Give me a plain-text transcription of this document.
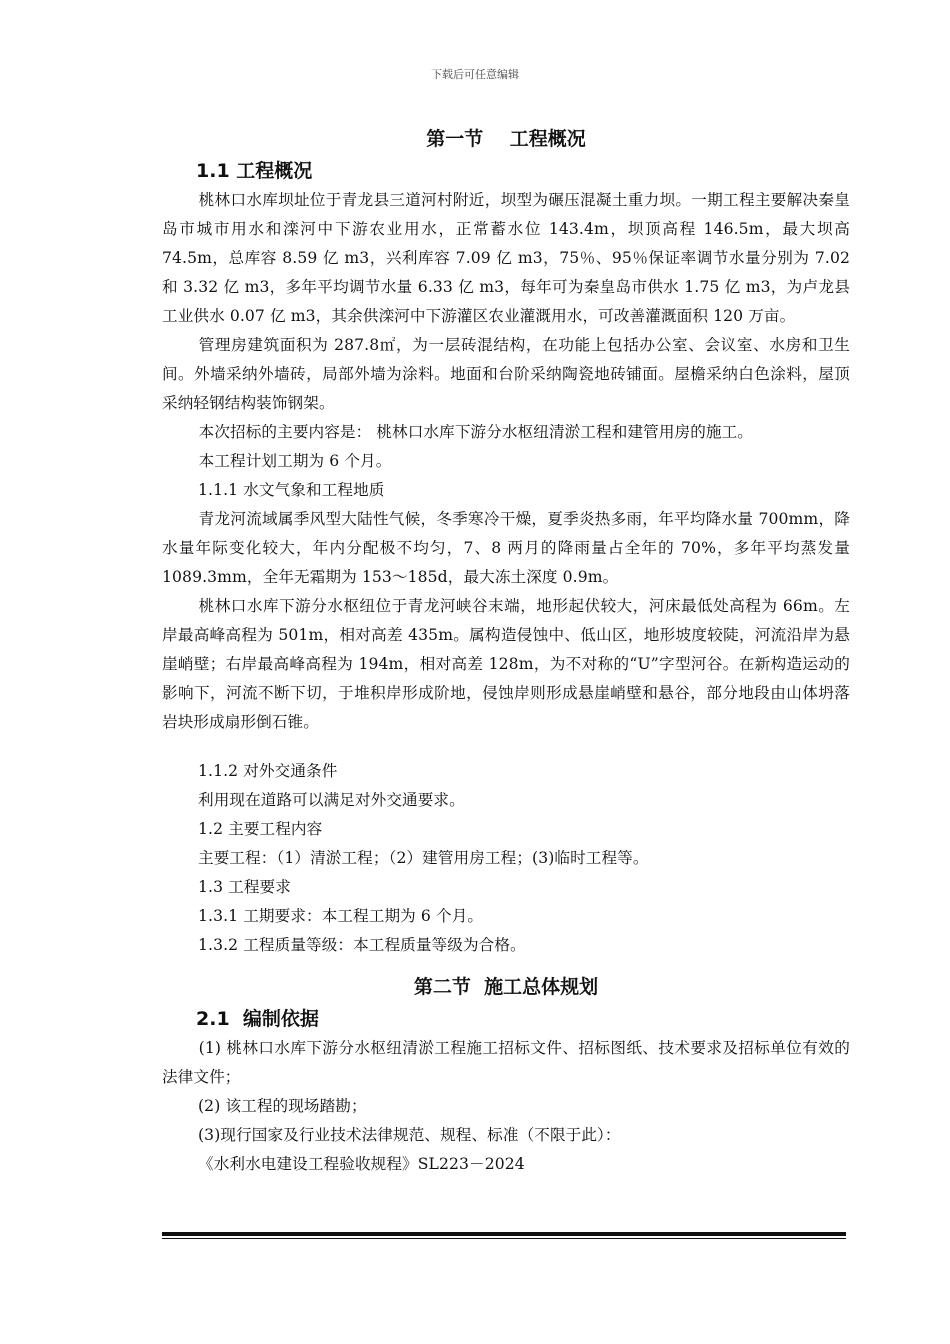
下载后可任意编辑
第一节    工程概况
1.1 工程概况

桃林口水库坝址位于青龙县三道河村附近，坝型为碾压混凝土重力坝。一期工程主要解决秦皇岛市城市用水和滦河中下游农业用水，正常蓄水位 143.4m，坝顶高程 146.5m，最大坝高 74.5m，总库容 8.59 亿 m3，兴利库容 7.09 亿 m3，75％、95％保证率调节水量分别为 7.02 和 3.32 亿 m3，多年平均调节水量 6.33 亿 m3，每年可为秦皇岛市供水 1.75 亿 m3，为卢龙县工业供水 0.07 亿 m3，其余供滦河中下游灌区农业灌溉用水，可改善灌溉面积 120 万亩。

管理房建筑面积为 287.8㎡，为一层砖混结构，在功能上包括办公室、会议室、水房和卫生间。外墙采纳外墙砖，局部外墙为涂料。地面和台阶采纳陶瓷地砖铺面。屋檐采纳白色涂料，屋顶采纳轻钢结构装饰钢架。

本次招标的主要内容是： 桃林口水库下游分水枢纽清淤工程和建管用房的施工。

本工程计划工期为 6 个月。

1.1.1 水文气象和工程地质

青龙河流域属季风型大陆性气候，冬季寒冷干燥，夏季炎热多雨，年平均降水量 700mm，降水量年际变化较大，年内分配极不均匀，7、8 两月的降雨量占全年的 70%，多年平均蒸发量 1089.3mm，全年无霜期为 153～185d，最大冻土深度 0.9m。

桃林口水库下游分水枢纽位于青龙河峡谷末端，地形起伏较大，河床最低处高程为 66m。左岸最高峰高程为 501m，相对高差 435m。属构造侵蚀中、低山区，地形坡度较陡，河流沿岸为悬崖峭壁；右岸最高峰高程为 194m，相对高差 128m，为不对称的“U”字型河谷。在新构造运动的影响下，河流不断下切，于堆积岸形成阶地，侵蚀岸则形成悬崖峭壁和悬谷，部分地段由山体坍落岩块形成扇形倒石锥。

1.1.2 对外交通条件

利用现在道路可以满足对外交通要求。

1.2 主要工程内容

主要工程：（1）清淤工程；（2）建管用房工程；(3)临时工程等。

1.3 工程要求

1.3.1 工期要求：本工程工期为 6 个月。

1.3.2 工程质量等级：本工程质量等级为合格。

第二节  施工总体规划
2.1  编制依据

(1) 桃林口水库下游分水枢纽清淤工程施工招标文件、招标图纸、技术要求及招标单位有效的法律文件；

(2) 该工程的现场踏勘；

(3)现行国家及行业技术法律规范、规程、标准（不限于此）：

《水利水电建设工程验收规程》SL223－2024
